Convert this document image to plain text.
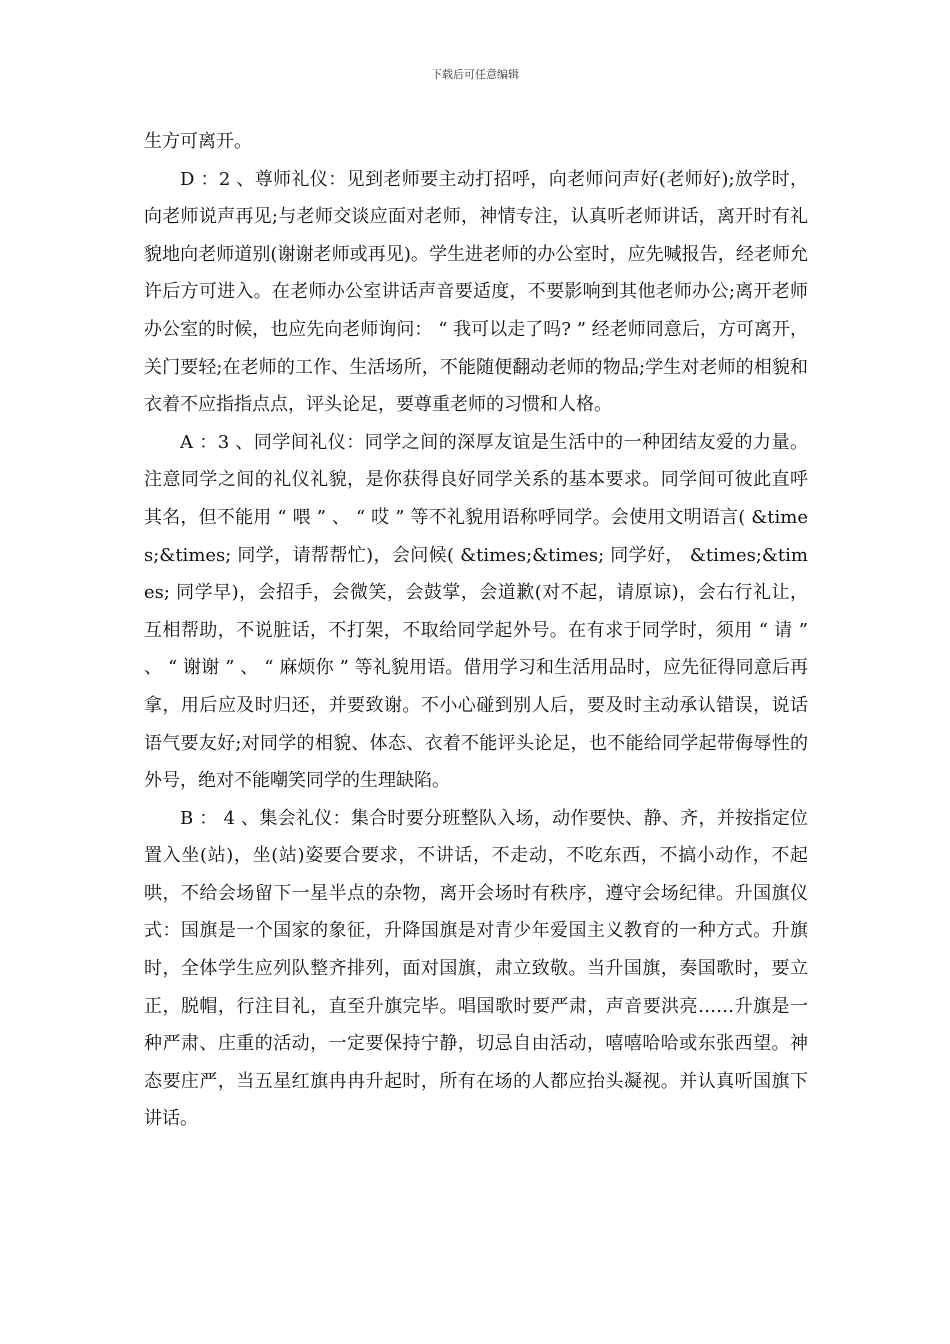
下载后可任意编辑

生方可离开。

D ：2 、尊师礼仪：见到老师要主动打招呼，向老师问声好(老师好);放学时，向老师说声再见;与老师交谈应面对老师，神情专注，认真听老师讲话，离开时有礼貌地向老师道别(谢谢老师或再见)。学生进老师的办公室时，应先喊报告，经老师允许后方可进入。在老师办公室讲话声音要适度，不要影响到其他老师办公;离开老师办公室的时候，也应先向老师询问： “ 我可以走了吗? ” 经老师同意后，方可离开，关门要轻;在老师的工作、生活场所，不能随便翻动老师的物品;学生对老师的相貌和衣着不应指指点点，评头论足，要尊重老师的习惯和人格。

A ：3 、同学间礼仪：同学之间的深厚友谊是生活中的一种团结友爱的力量。注意同学之间的礼仪礼貌，是你获得良好同学关系的基本要求。同学间可彼此直呼其名，但不能用 “ 喂 ” 、 “ 哎 ” 等不礼貌用语称呼同学。会使用文明语言( &times;&times; 同学，请帮帮忙)，会问候( &times;&times; 同学好， &times;&times; 同学早)，会招手，会微笑，会鼓掌，会道歉(对不起，请原谅)，会右行礼让，互相帮助，不说脏话，不打架，不取给同学起外号。在有求于同学时，须用 “ 请 ” 、 “ 谢谢 ” 、 “ 麻烦你 ” 等礼貌用语。借用学习和生活用品时，应先征得同意后再拿，用后应及时归还，并要致谢。不小心碰到别人后，要及时主动承认错误，说话语气要友好;对同学的相貌、体态、衣着不能评头论足，也不能给同学起带侮辱性的外号，绝对不能嘲笑同学的生理缺陷。

B ： 4 、集会礼仪：集合时要分班整队入场，动作要快、静、齐，并按指定位置入坐(站)，坐(站)姿要合要求，不讲话，不走动，不吃东西，不搞小动作，不起哄，不给会场留下一星半点的杂物，离开会场时有秩序，遵守会场纪律。升国旗仪式：国旗是一个国家的象征，升降国旗是对青少年爱国主义教育的一种方式。升旗时，全体学生应列队整齐排列，面对国旗，肃立致敬。当升国旗，奏国歌时，要立正，脱帽，行注目礼，直至升旗完毕。唱国歌时要严肃，声音要洪亮……升旗是一种严肃、庄重的活动，一定要保持宁静，切忌自由活动，嘻嘻哈哈或东张西望。神态要庄严，当五星红旗冉冉升起时，所有在场的人都应抬头凝视。并认真听国旗下讲话。
